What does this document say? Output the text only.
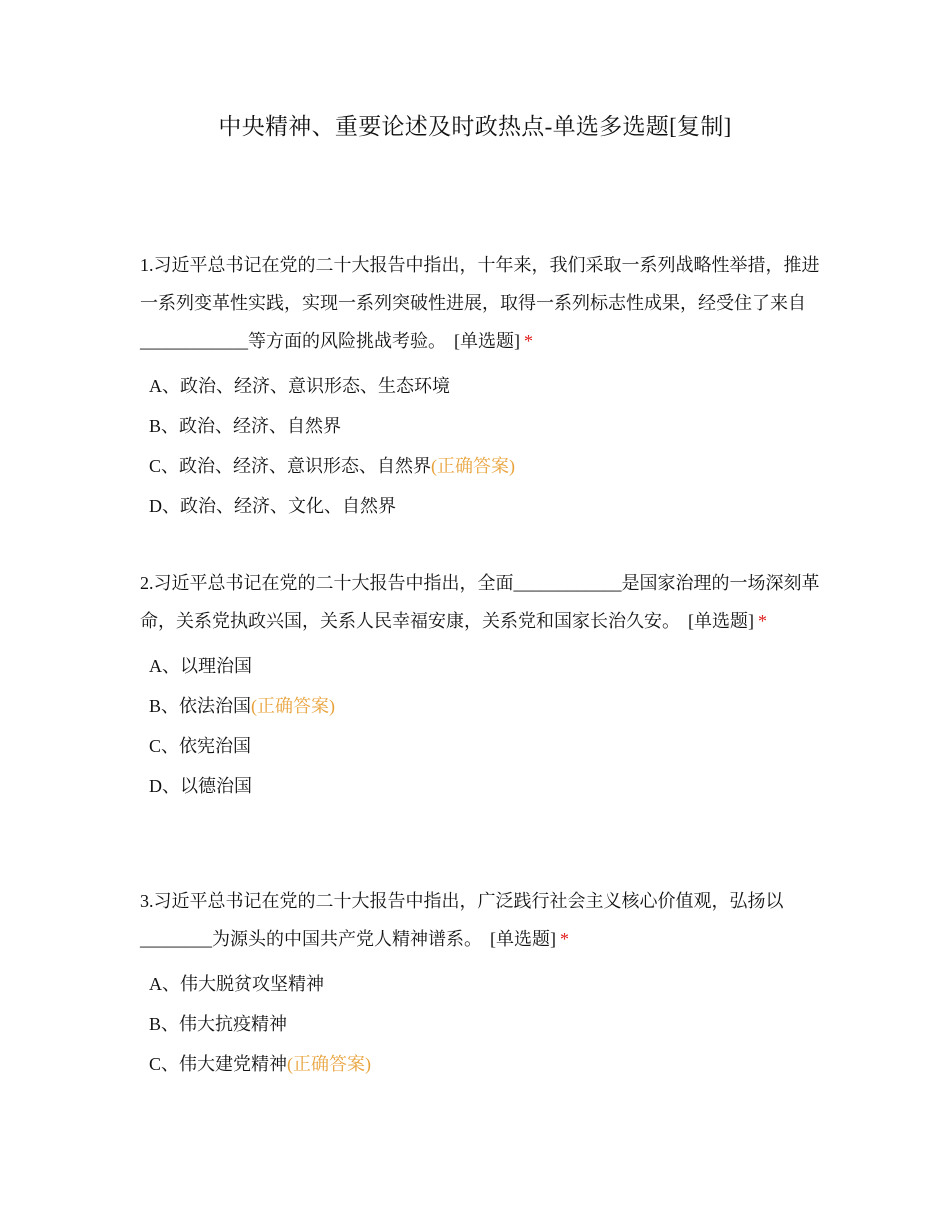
中央精神、重要论述及时政热点-单选多选题[复制]

1.习近平总书记在党的二十大报告中指出，十年来，我们采取一系列战略性举措，推进一系列变革性实践，实现一系列突破性进展，取得一系列标志性成果，经受住了来自____________等方面的风险挑战考验。 [单选题] *

A、政治、经济、意识形态、生态环境
B、政治、经济、自然界
C、政治、经济、意识形态、自然界(正确答案)
D、政治、经济、文化、自然界

2.习近平总书记在党的二十大报告中指出，全面____________是国家治理的一场深刻革命，关系党执政兴国，关系人民幸福安康，关系党和国家长治久安。 [单选题] *

A、以理治国
B、依法治国(正确答案)
C、依宪治国
D、以德治国

3.习近平总书记在党的二十大报告中指出，广泛践行社会主义核心价值观，弘扬以________为源头的中国共产党人精神谱系。 [单选题] *

A、伟大脱贫攻坚精神
B、伟大抗疫精神
C、伟大建党精神(正确答案)
